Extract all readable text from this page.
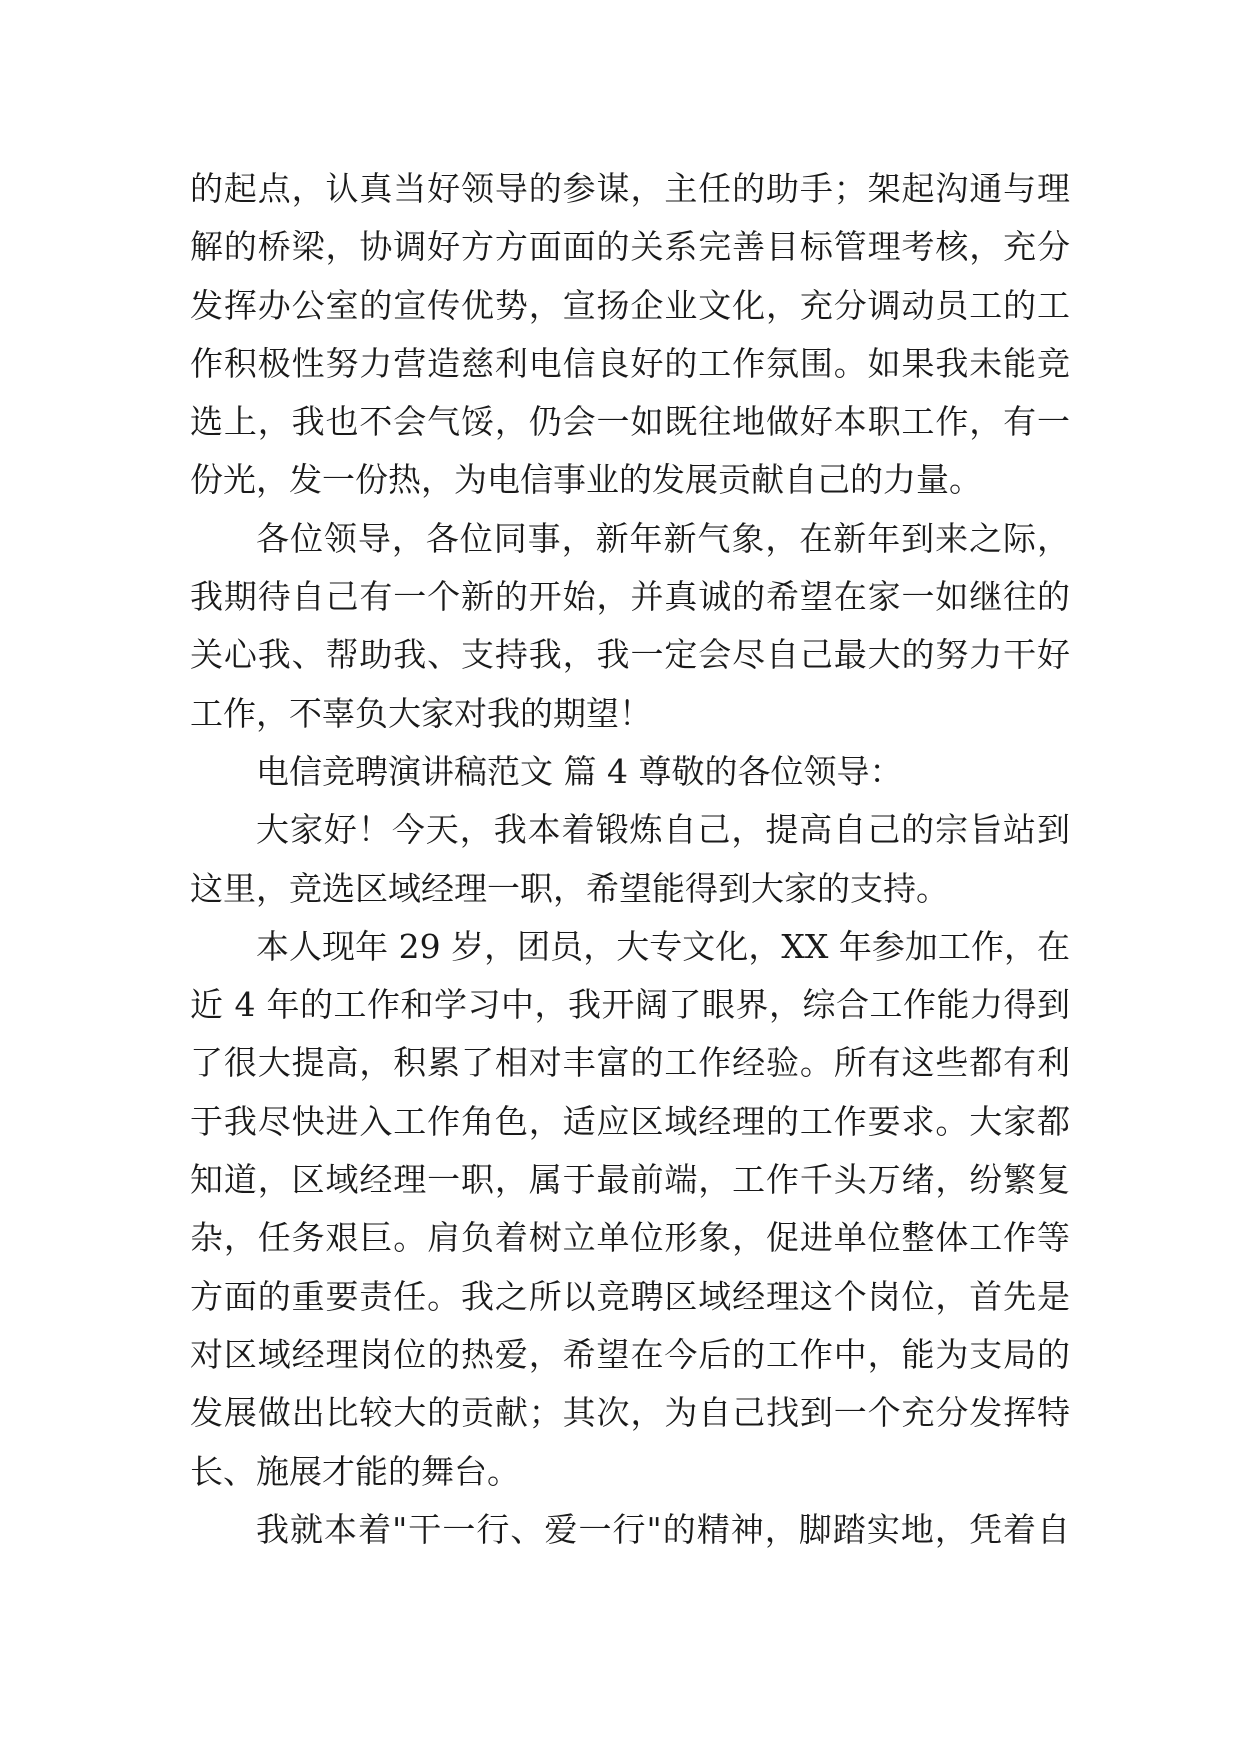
的起点，认真当好领导的参谋，主任的助手；架起沟通与理
解的桥梁，协调好方方面面的关系完善目标管理考核，充分
发挥办公室的宣传优势，宣扬企业文化，充分调动员工的工
作积极性努力营造慈利电信良好的工作氛围。如果我未能竞
选上，我也不会气馁，仍会一如既往地做好本职工作，有一
份光，发一份热，为电信事业的发展贡献自己的力量。
各位领导，各位同事，新年新气象，在新年到来之际，
我期待自己有一个新的开始，并真诚的希望在家一如继往的
关心我、帮助我、支持我，我一定会尽自己最大的努力干好
工作，不辜负大家对我的期望！
电信竞聘演讲稿范文 篇 4 尊敬的各位领导：
大家好！今天，我本着锻炼自己，提高自己的宗旨站到
这里，竞选区域经理一职，希望能得到大家的支持。
本人现年 29 岁，团员，大专文化，XX 年参加工作，在
近 4 年的工作和学习中，我开阔了眼界，综合工作能力得到
了很大提高，积累了相对丰富的工作经验。所有这些都有利
于我尽快进入工作角色，适应区域经理的工作要求。大家都
知道，区域经理一职，属于最前端，工作千头万绪，纷繁复
杂，任务艰巨。肩负着树立单位形象，促进单位整体工作等
方面的重要责任。我之所以竞聘区域经理这个岗位，首先是
对区域经理岗位的热爱，希望在今后的工作中，能为支局的
发展做出比较大的贡献；其次，为自己找到一个充分发挥特
长、施展才能的舞台。
我就本着"干一行、爱一行"的精神，脚踏实地，凭着自
